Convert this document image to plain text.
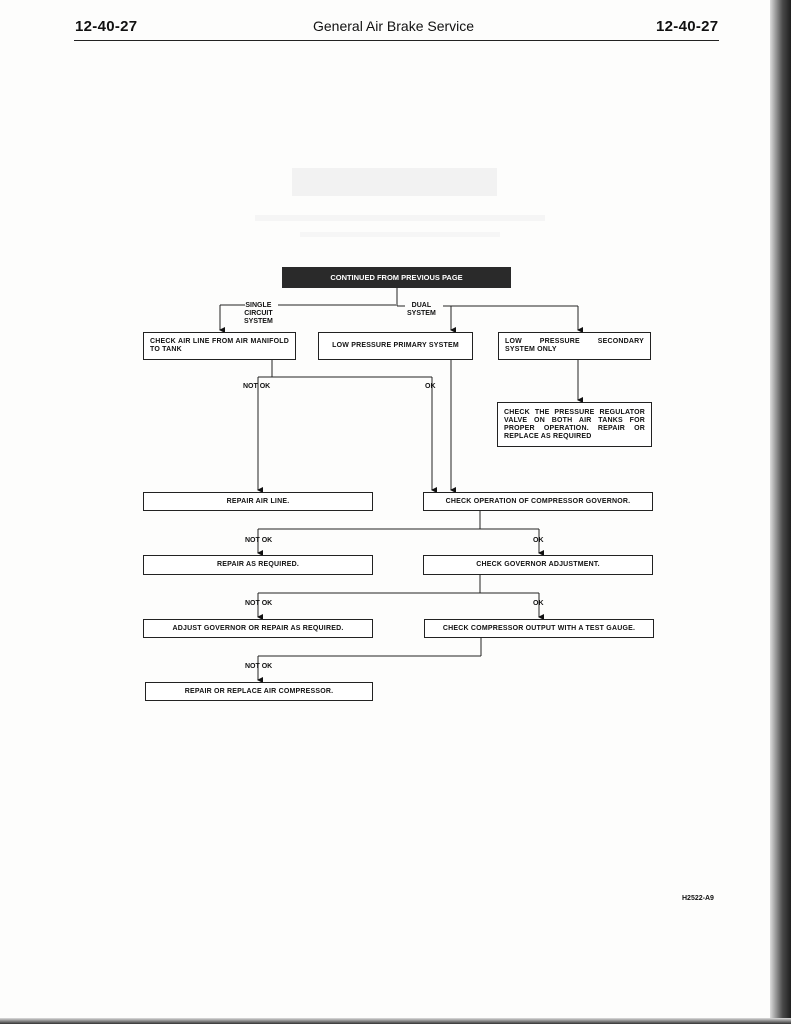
12-40-27	General Air Brake Service	12-40-27
CONTINUED FROM PREVIOUS PAGE
SINGLE
CIRCUIT
SYSTEM
DUAL
SYSTEM
CHECK AIR LINE FROM AIR MANIFOLD TO TANK
LOW PRESSURE PRIMARY SYSTEM
LOW PRESSURE SECONDARY SYSTEM ONLY
NOT OK	OK
CHECK THE PRESSURE REGULATOR VALVE ON BOTH AIR TANKS FOR PROPER OPERATION. REPAIR OR REPLACE AS REQUIRED
REPAIR AIR LINE.	CHECK OPERATION OF COMPRESSOR GOVERNOR.
NOT OK	OK
REPAIR AS REQUIRED.	CHECK GOVERNOR ADJUSTMENT.
NOT OK	OK
ADJUST GOVERNOR OR REPAIR AS REQUIRED.	CHECK COMPRESSOR OUTPUT WITH A TEST GAUGE.
NOT OK
REPAIR OR REPLACE AIR COMPRESSOR.
H2522-A9
